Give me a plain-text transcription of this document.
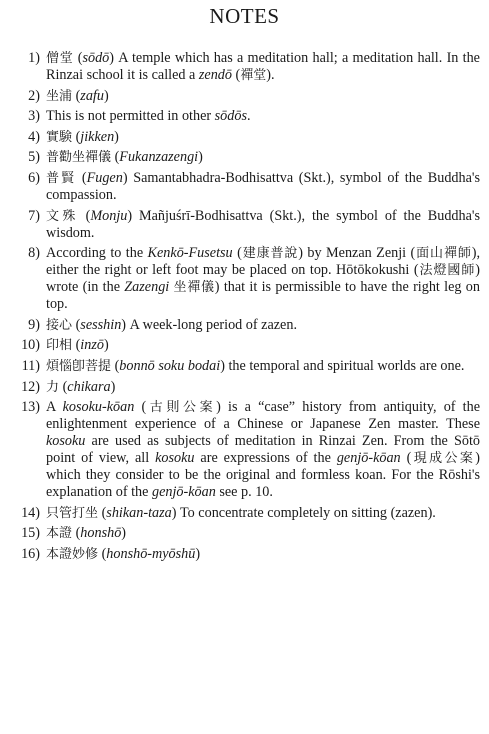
NOTES
1) 僧堂 (sōdō) A temple which has a meditation hall; a meditation hall. In the Rinzai school it is called a zendō (禪堂).
2) 坐浦 (zafu)
3) This is not permitted in other sōdōs.
4) 實験 (jikken)
5) 普勸坐禪儀 (Fukanzazengi)
6) 普賢 (Fugen) Samantabhadra-Bodhisattva (Skt.), symbol of the Buddha's compassion.
7) 文殊 (Monju) Mañjuśrī-Bodhisattva (Skt.), the symbol of the Buddha's wisdom.
8) According to the Kenkō-Fusetsu (建康普說) by Menzan Zenji (面山禪師), either the right or left foot may be placed on top. Hōtōkokushi (法燈國師) wrote (in the Zazengi 坐禪儀) that it is permissible to have the right leg on top.
9) 接心 (sesshin) A week-long period of zazen.
10) 印相 (inzō)
11) 煩惱卽菩提 (bonnō soku bodai) the temporal and spiritual worlds are one.
12) 力 (chikara)
13) A kosoku-kōan (古則公案) is a “case” history from antiquity, of the enlightenment experience of a Chinese or Japanese Zen master. These kosoku are used as subjects of meditation in Rinzai Zen. From the Sōtō point of view, all kosoku are expressions of the genjō-kōan (現成公案) which they consider to be the original and formless koan. For the Rōshi's explanation of the genjō-kōan see p. 10.
14) 只管打坐 (shikan-taza) To concentrate completely on sitting (zazen).
15) 本證 (honshō)
16) 本證妙修 (honshō-myōshū)
